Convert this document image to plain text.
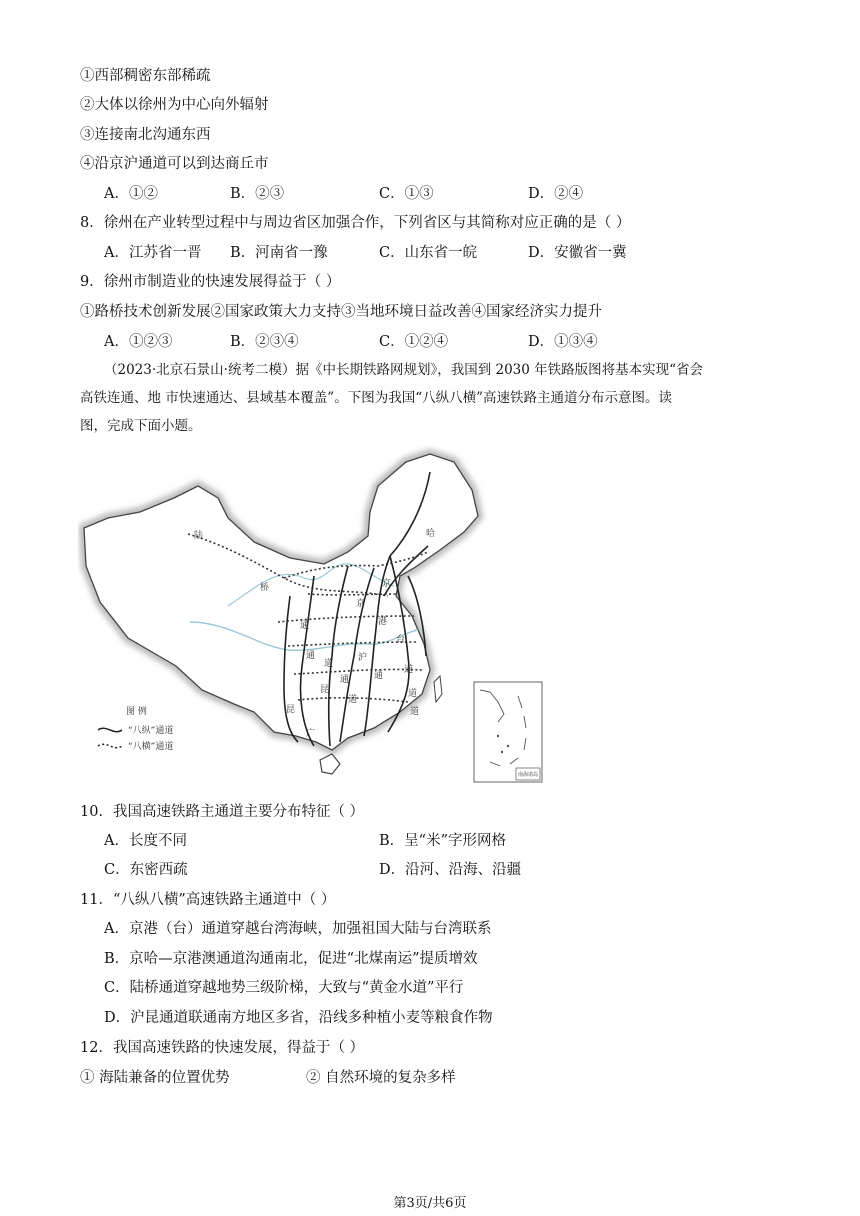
①西部稠密东部稀疏
②大体以徐州为中心向外辐射
③连接南北沟通东西
④沿京沪通道可以到达商丘市
A．①②	B．②③	C．①③	D．②④
8．徐州在产业转型过程中与周边省区加强合作，下列省区与其简称对应正确的是（ ）
A．江苏省一晋 B．河南省一豫	C．山东省一皖	D．安徽省一冀
9．徐州市制造业的快速发展得益于（ ）
①路桥技术创新发展②国家政策大力支持③当地环境日益改善④国家经济实力提升
A．①②③	B．②③④	C．①②④	D．①③④

（2023·北京石景山·统考二模）据《中长期铁路网规划》，我国到 2030 年铁路版图将基本实现“省会

高铁连通、地 市快速通达、县域基本覆盖”。下图为我国“八纵八横”高速铁路主通道分布示意图。读

图，完成下面小题。

陆
桥
通
京
哈
京
港
台
沪
昆
通
道
通
道
道
道
通
道
广
昆
图 例
“八纵”通道
“八横”通道
南海诸岛
10．我国高速铁路主通道主要分布特征（ ）
A．长度不同	B．呈“米”字形网格
C．东密西疏	D．沿河、沿海、沿疆
11．“八纵八横”高速铁路主通道中（ ）
A．京港（台）通道穿越台湾海峡，加强祖国大陆与台湾联系
B．京哈—京港澳通道沟通南北，促进“北煤南运”提质增效
C．陆桥通道穿越地势三级阶梯，大致与“黄金水道”平行
D．沪昆通道联通南方地区多省，沿线多种植小麦等粮食作物
12．我国高速铁路的快速发展，得益于（ ）
① 海陆兼备的位置优势	② 自然环境的复杂多样
第3页/共6页
